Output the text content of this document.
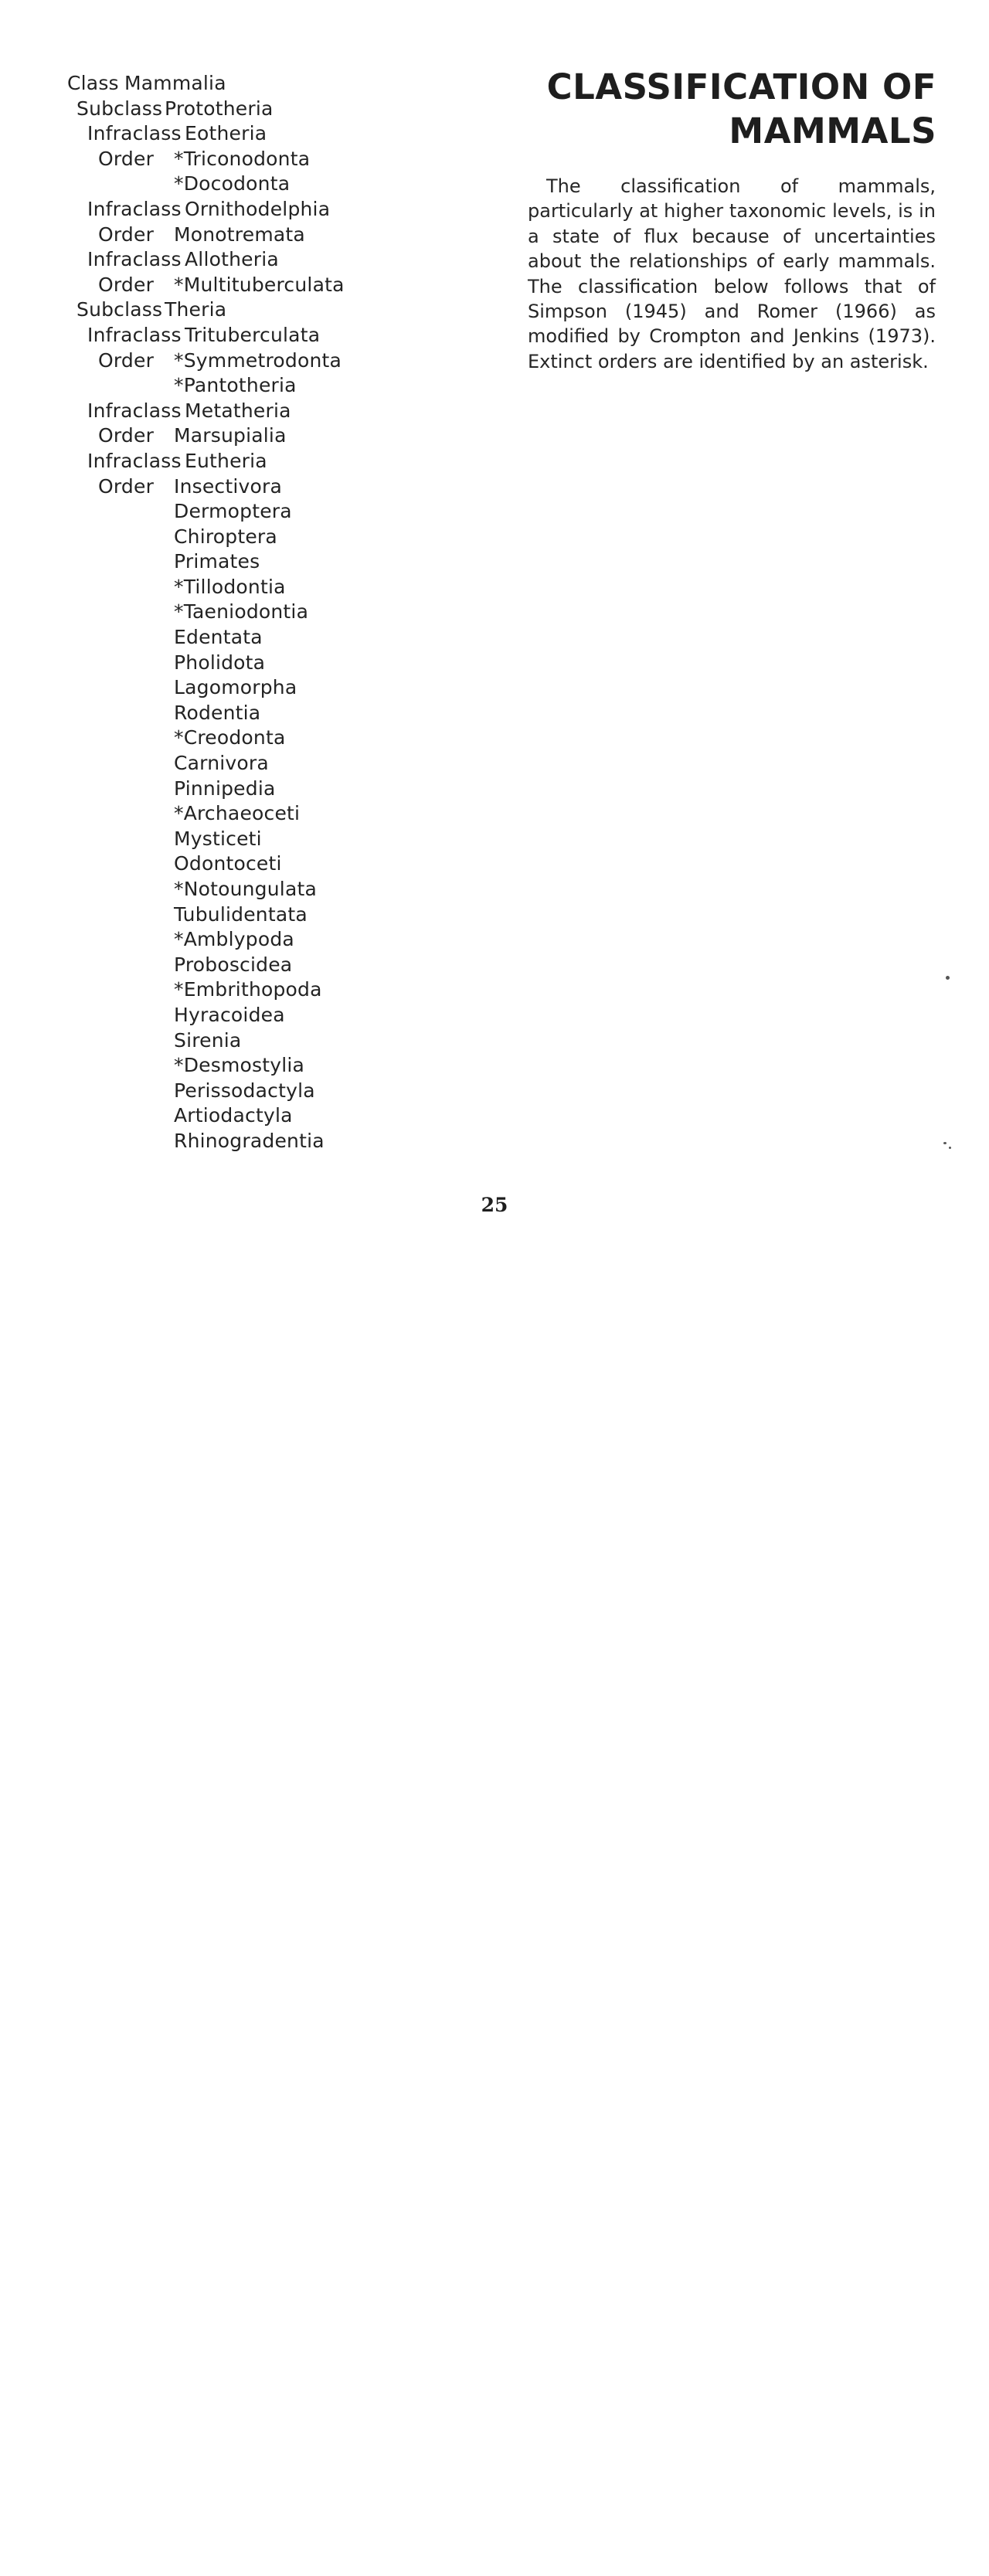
Class Mammalia
Subclass Prototheria
Infraclass Eotheria
Order *Triconodonta
*Docodonta
Infraclass Ornithodelphia
Order Monotremata
Infraclass Allotheria
Order *Multituberculata
Subclass Theria
Infraclass Trituberculata
Order *Symmetrodonta
*Pantotheria
Infraclass Metatheria
Order Marsupialia
Infraclass Eutheria
Order Insectivora
Dermoptera
Chiroptera
Primates
*Tillodontia
*Taeniodontia
Edentata
Pholidota
Lagomorpha
Rodentia
*Creodonta
Carnivora
Pinnipedia
*Archaeoceti
Mysticeti
Odontoceti
*Notoungulata
Tubulidentata
*Amblypoda
Proboscidea
*Embrithopoda
Hyracoidea
Sirenia
*Desmostylia
Perissodactyla
Artiodactyla
Rhinogradentia
CLASSIFICATION OF
MAMMALS

The classification of mammals, particularly at higher taxonomic levels, is in a state of flux because of uncertainties about the relationships of early mammals. The classification below follows that of Simpson (1945) and Romer (1966) as modified by Crompton and Jenkins (1973). Extinct orders are identified by an asterisk.

25
